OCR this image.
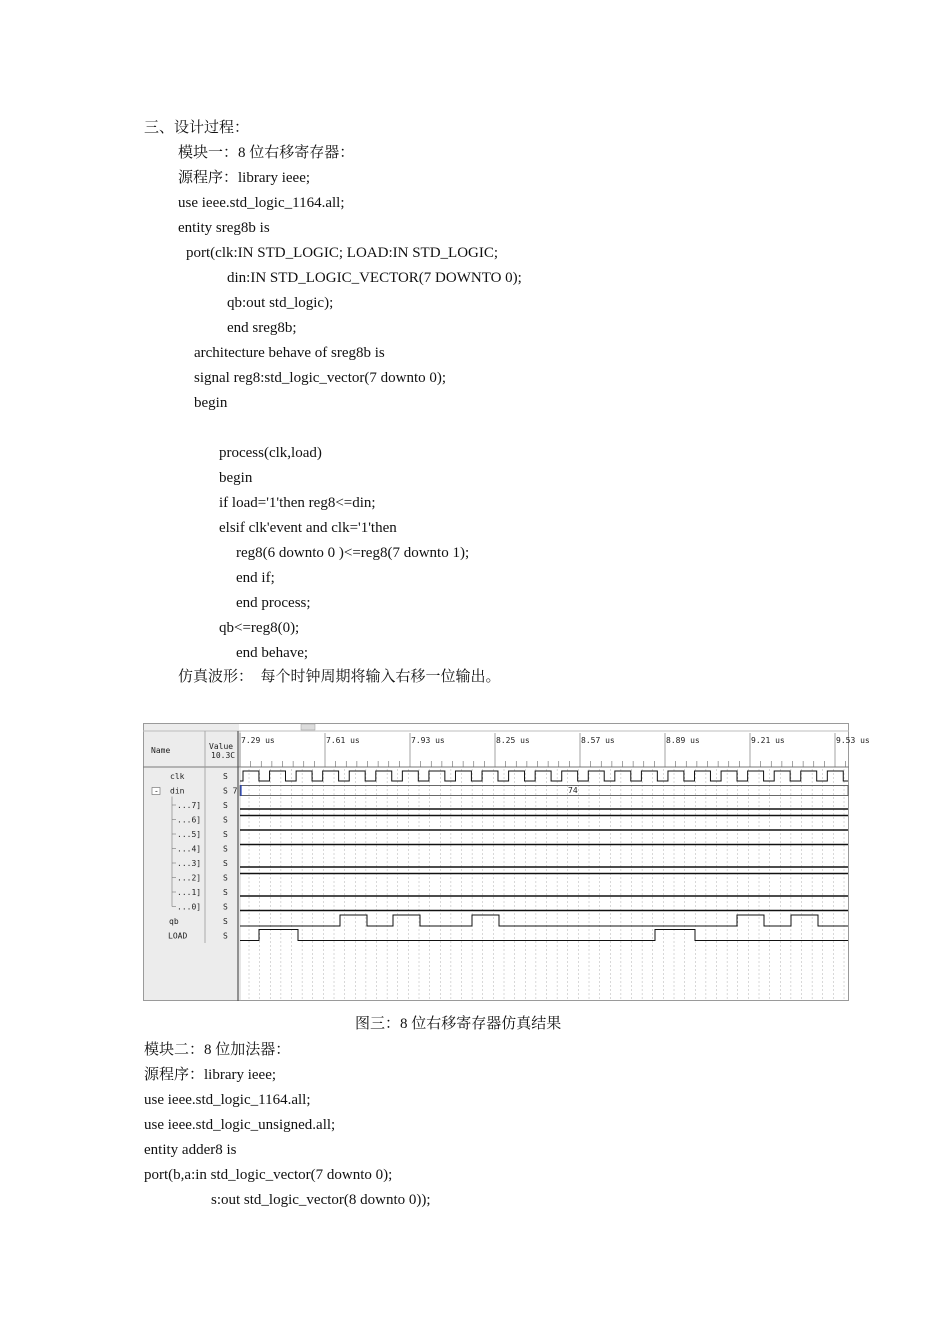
三、设计过程：
模块一：8 位右移寄存器：
源程序：library ieee;
use ieee.std_logic_1164.all;
entity sreg8b is
port(clk:IN STD_LOGIC; LOAD:IN STD_LOGIC;
din:IN STD_LOGIC_VECTOR(7 DOWNTO 0);
qb:out std_logic);
end sreg8b;
architecture behave of sreg8b is
signal reg8:std_logic_vector(7 downto 0);
begin
process(clk,load)
begin
if load='1'then reg8<=din;
elsif clk'event and clk='1'then
reg8(6 downto 0 )<=reg8(7 downto 1);
end if;
end process;
qb<=reg8(0);
end behave;
仿真波形：  每个时钟周期将输入右移一位输出。
7.29 us	7.61 us	7.93 us	8.25 us	8.57 us	8.89 us	9.21 us	9.53 us
Name	Value
10.3C
clk	S
din	S 7
-
...7]	S
...6]	S
...5]	S
...4]	S
...3]	S
...2]	S
...1]	S
...0]	S
qb	S
LOAD	S
74
图三：8 位右移寄存器仿真结果
模块二：8 位加法器：
源程序：library ieee;
use ieee.std_logic_1164.all;
use ieee.std_logic_unsigned.all;
entity adder8 is
port(b,a:in std_logic_vector(7 downto 0);
s:out std_logic_vector(8 downto 0));
